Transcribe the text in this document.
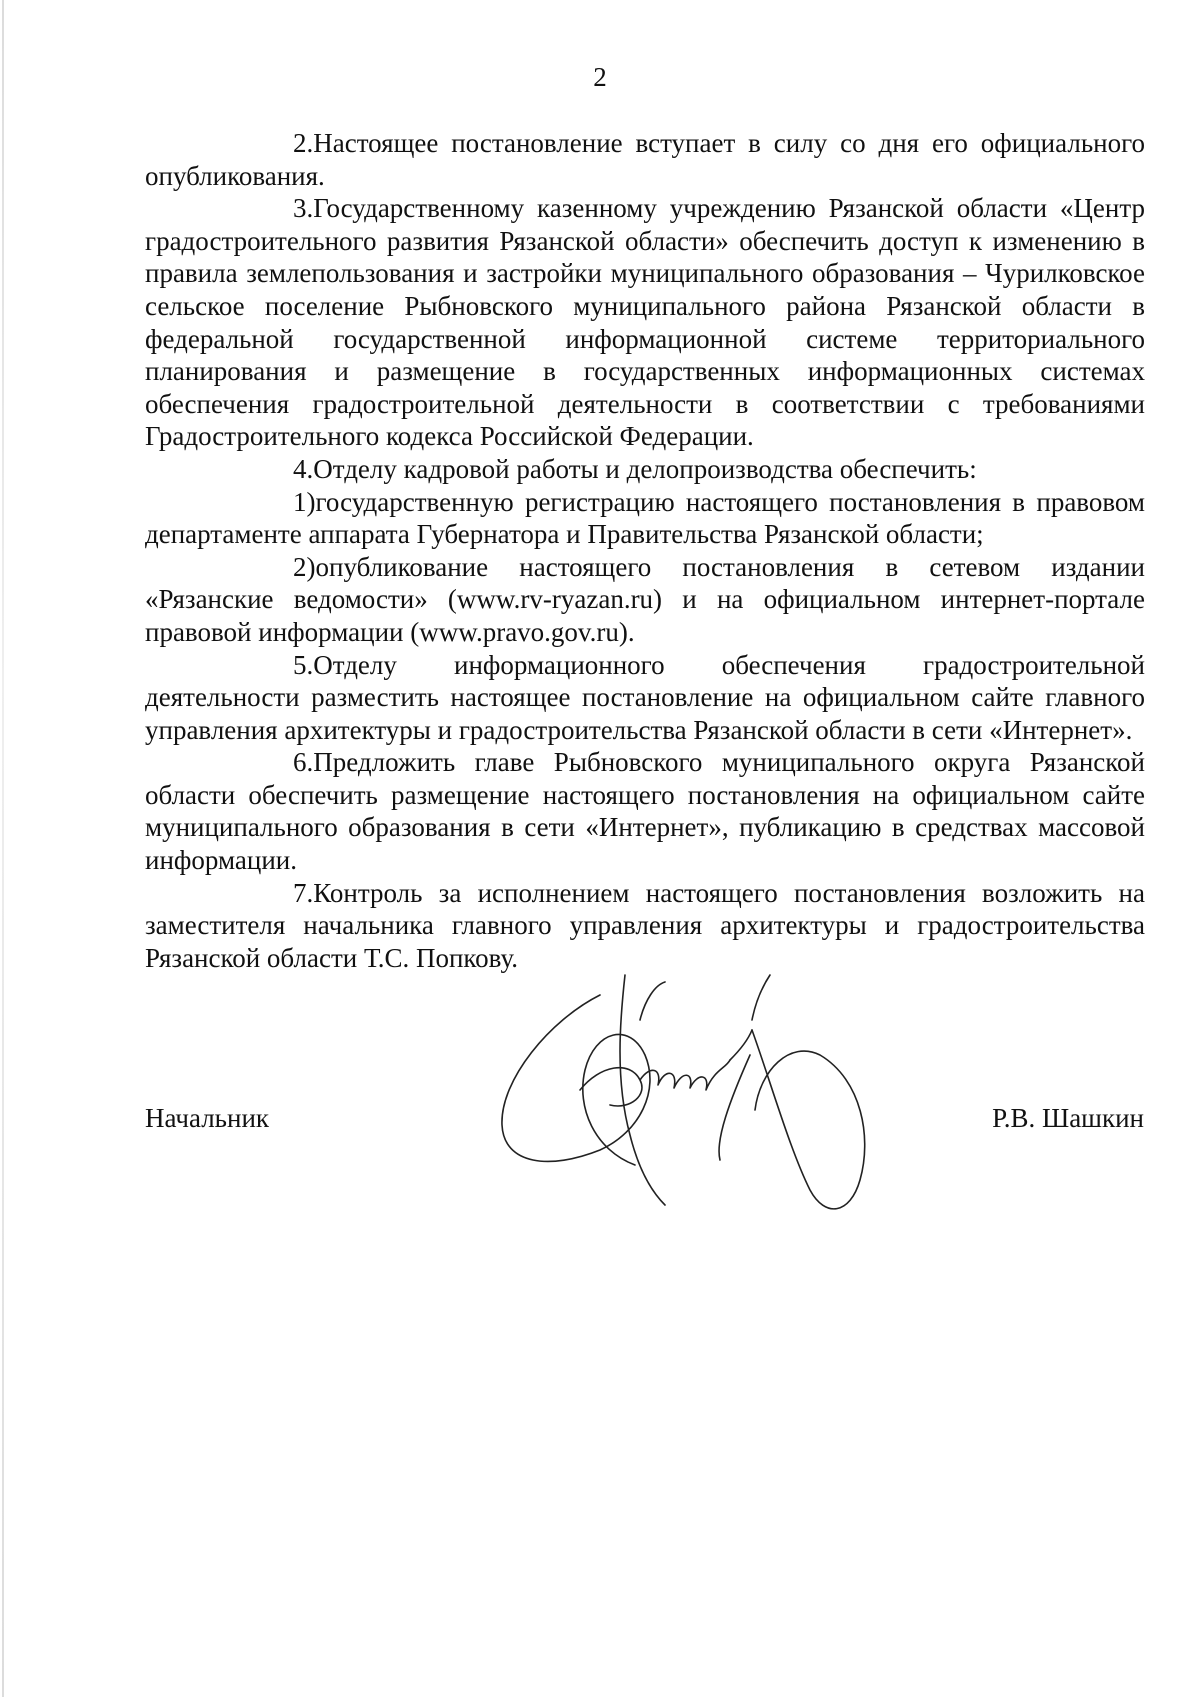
2

2.Настоящее постановление вступает в силу со дня его официального опубликования.

3.Государственному казенному учреждению Рязанской области «Центр градостроительного развития Рязанской области» обеспечить доступ к изменению в правила землепользования и застройки муниципального образования – Чурилковское сельское поселение Рыбновского муниципального района Рязанской области в федеральной государственной информационной системе территориального планирования и размещение в государственных информационных системах обеспечения градостроительной деятельности в соответствии с требованиями Градостроительного кодекса Российской Федерации.

4.Отделу кадровой работы и делопроизводства обеспечить:

1)государственную регистрацию настоящего постановления в правовом департаменте аппарата Губернатора и Правительства Рязанской области;

2)опубликование настоящего постановления в сетевом издании «Рязанские ведомости» (www.rv-ryazan.ru) и на официальном интернет-портале правовой информации (www.pravo.gov.ru).

5.Отделу информационного обеспечения градостроительной деятельности разместить настоящее постановление на официальном сайте главного управления архитектуры и градостроительства Рязанской области в сети «Интернет».

6.Предложить главе Рыбновского муниципального округа Рязанской области обеспечить размещение настоящего постановления на официальном сайте муниципального образования в сети «Интернет», публикацию в средствах массовой информации.

7.Контроль за исполнением настоящего постановления возложить на заместителя начальника главного управления архитектуры и градостроительства Рязанской области Т.С. Попкову.

Начальник	Р.В. Шашкин
